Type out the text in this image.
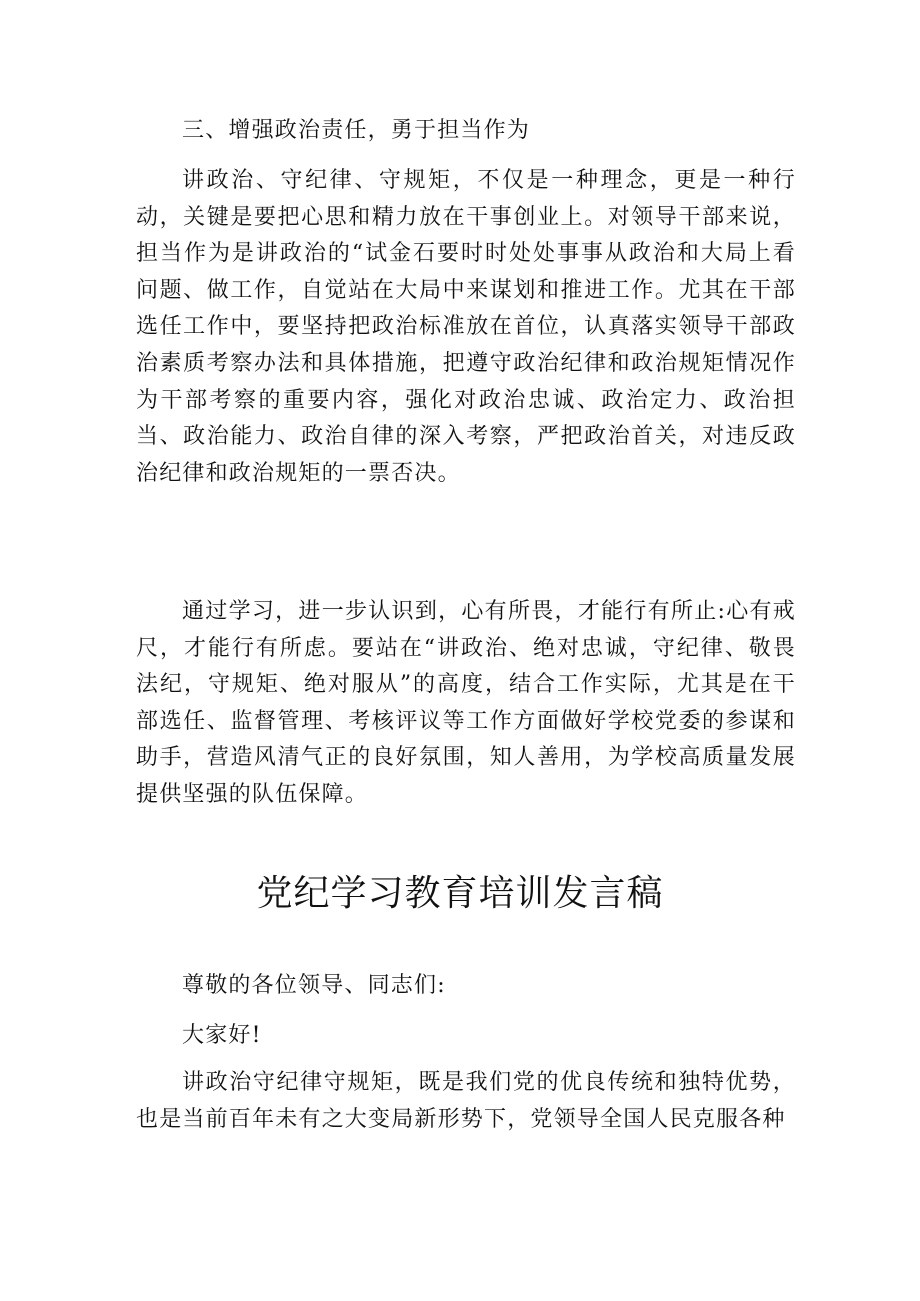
三、增强政治责任，勇于担当作为

讲政治、守纪律、守规矩，不仅是一种理念，更是一种行动，关键是要把心思和精力放在干事创业上。对领导干部来说，担当作为是讲政治的“试金石要时时处处事事从政治和大局上看问题、做工作，自觉站在大局中来谋划和推进工作。尤其在干部选任工作中，要坚持把政治标准放在首位，认真落实领导干部政治素质考察办法和具体措施，把遵守政治纪律和政治规矩情况作为干部考察的重要内容，强化对政治忠诚、政治定力、政治担当、政治能力、政治自律的深入考察，严把政治首关，对违反政治纪律和政治规矩的一票否决。

通过学习，进一步认识到，心有所畏，才能行有所止:心有戒尺，才能行有所虑。要站在“讲政治、绝对忠诚，守纪律、敬畏法纪，守规矩、绝对服从”的高度，结合工作实际，尤其是在干部选任、监督管理、考核评议等工作方面做好学校党委的参谋和助手，营造风清气正的良好氛围，知人善用，为学校高质量发展提供坚强的队伍保障。

党纪学习教育培训发言稿

尊敬的各位领导、同志们:

大家好!

讲政治守纪律守规矩，既是我们党的优良传统和独特优势，也是当前百年未有之大变局新形势下，党领导全国人民克服各种
